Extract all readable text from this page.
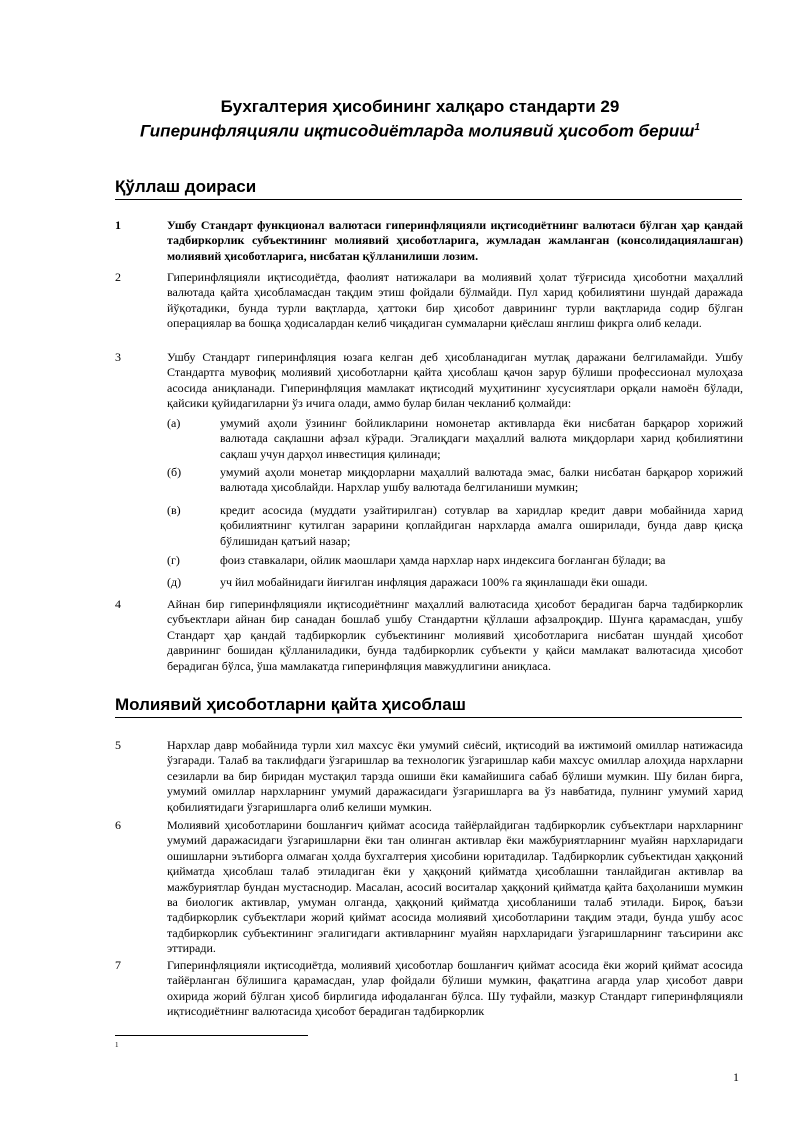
Бухгалтерия ҳисобининг халқаро стандарти 29
Гиперинфляцияли иқтисодиётларда молиявий ҳисобот бериш$^1$
Қўллаш доираси
1	Ушбу Стандарт функционал валютаси гиперинфляцияли иқтисодиётнинг валютаси бўлган ҳар қандай тадбиркорлик субъектининг молиявий ҳисоботларига, жумладан жамланган (консолидациялашган) молиявий ҳисоботларига, нисбатан қўлланилиши лозим.
2	Гиперинфляцияли иқтисодиётда, фаолият натижалари ва молиявий ҳолат тўғрисида ҳисоботни маҳаллий валютада қайта ҳисобламасдан тақдим этиш фойдали бўлмайди. Пул харид қобилиятини шундай даражада йўқотадики, бунда турли вақтларда, ҳаттоки бир ҳисобот даврининг турли вақтларида содир бўлган операциялар ва бошқа ҳодисалардан келиб чиқадиган суммаларни қиёслаш янглиш фикрга олиб келади.
3	Ушбу Стандарт гиперинфляция юзага келган деб ҳисобланадиган мутлақ даражани белгиламайди. Ушбу Стандартга мувофиқ молиявий ҳисоботларни қайта ҳисоблаш қачон зарур бўлиши профессионал мулоҳаза асосида аниқланади. Гиперинфляция мамлакат иқтисодий муҳитининг хусусиятлари орқали намоён бўлади, қайсики қуйидагиларни ўз ичига олади, аммо булар билан чекланиб қолмайди:
(а)	умумий аҳоли ўзининг бойликларини номонетар активларда ёки нисбатан барқарор хорижий валютада сақлашни афзал кўради. Эгалиқдаги маҳаллий валюта миқдорлари харид қобилиятини сақлаш учун дарҳол инвестиция қилинади;
(б)	умумий аҳоли монетар миқдорларни маҳаллий валютада эмас, балки нисбатан барқарор хорижий валютада ҳисоблайди. Нархлар ушбу валютада белгиланиши мумкин;
(в)	кредит асосида (муддати узайтирилган) сотувлар ва харидлар кредит даври мобайнида харид қобилиятнинг кутилган зарарини қоплайдиган нархларда амалга оширилади, бунда давр қисқа бўлишидан қатъий назар;
(г)	фоиз ставкалари, ойлик маошлари ҳамда нархлар нарх индексига боғланган бўлади; ва
(д)	уч йил мобайнидаги йиғилган инфляция даражаси 100% га яқинлашади ёки ошади.
4	Айнан бир гиперинфляцияли иқтисодиётнинг маҳаллий валютасида ҳисобот берадиган барча тадбиркорлик субъектлари айнан бир санадан бошлаб ушбу Стандартни қўллаши афзалроқдир. Шунга қарамасдан, ушбу Стандарт ҳар қандай тадбиркорлик субъектининг молиявий ҳисоботларига нисбатан шундай ҳисобот даврининг бошидан қўлланиладики, бунда тадбиркорлик субъекти у қайси мамлакат валютасида ҳисобот берадиган бўлса, ўша мамлакатда гиперинфляция мавжудлигини аниқласа.
Молиявий ҳисоботларни қайта ҳисоблаш
5	Нархлар давр мобайнида турли хил махсус ёки умумий сиёсий, иқтисодий ва ижтимоий омиллар натижасида ўзгаради. Талаб ва таклифдаги ўзгаришлар ва технологик ўзгаришлар каби махсус омиллар алоҳида нархларни сезиларли ва бир биридан мустақил тарзда ошиши ёки камайишига сабаб бўлиши мумкин. Шу билан бирга, умумий омиллар нархларнинг умумий даражасидаги ўзгаришларга ва ўз навбатида, пулнинг умумий харид қобилиятидаги ўзгаришларга олиб келиши мумкин.
6	Молиявий ҳисоботларини бошланғич қиймат асосида тайёрлайдиган тадбиркорлик субъектлари нархларнинг умумий даражасидаги ўзгаришларни ёки тан олинган активлар ёки мажбуриятларнинг муайян нархларидаги ошишларни эътиборга олмаган ҳолда бухгалтерия ҳисобини юритадилар. Тадбиркорлик субъектидан ҳаққоний қийматда ҳисоблаш талаб этиладиган ёки у ҳаққоний қийматда ҳисоблашни танлайдиган активлар ва мажбуриятлар бундан мустаснодир. Масалан, асосий воситалар ҳаққоний қийматда қайта баҳоланиши мумкин ва биологик активлар, умуман олганда, ҳаққоний қийматда ҳисобланиши талаб этилади. Бироқ, баъзи тадбиркорлик субъектлари жорий қиймат асосида молиявий ҳисоботларини тақдим этади, бунда ушбу асос тадбиркорлик субъектининг эгалигидаги активларнинг муайян нархларидаги ўзгаришларнинг таъсирини акс эттиради.
7	Гиперинфляцияли иқтисодиётда, молиявий ҳисоботлар бошланғич қиймат асосида ёки жорий қиймат асосида тайёрланган бўлишига қарамасдан, улар фойдали бўлиши мумкин, фақатгина агарда улар ҳисобот даври охирида жорий бўлган ҳисоб бирлигида ифодаланган бўлса. Шу туфайли, мазкур Стандарт гиперинфляцияли иқтисодиётнинг валютасида ҳисобот берадиган тадбиркорлик
1
1
